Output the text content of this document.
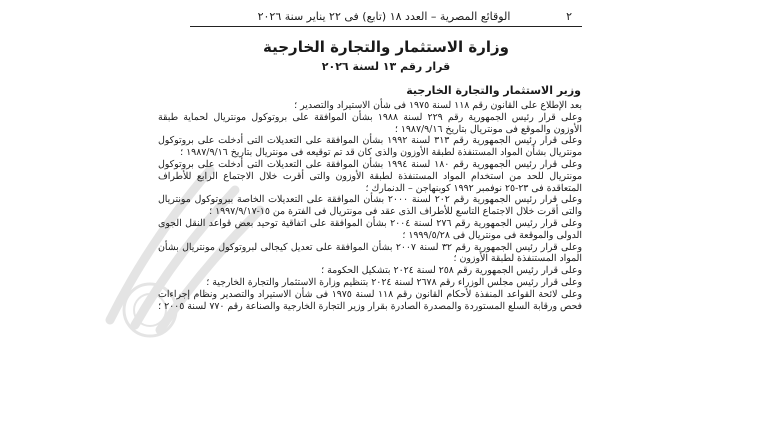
٢
الوقائع المصرية – العدد ١٨ (تابع) فى ٢٢ يناير سنة ٢٠٢٦
وزارة الاستثمار والتجارة الخارجية
قرار رقم ١٣ لسنة ٢٠٢٦
وزير الاستثمار والتجارة الخارجية

بعد الإطلاع على القانون رقم ١١٨ لسنة ١٩٧٥ فى شأن الاستيراد والتصدير ؛

وعلى قرار رئيس الجمهورية رقم ٢٢٩ لسنة ١٩٨٨ بشأن الموافقة على بروتوكول مونتريال لحماية طبقة الأوزون والموقع فى مونتريال بتاريخ ١٩٨٧/٩/١٦ ؛

وعلى قرار رئيس الجمهورية رقم ٣١٣ لسنة ١٩٩٢ بشأن الموافقة على التعديلات التى أدخلت على بروتوكول مونتريال بشأن المواد المستنفذة لطبقة الأوزون والذى كان قد تم توقيعه فى مونتريال بتاريخ ١٩٨٧/٩/١٦ ؛

وعلى قرار رئيس الجمهورية رقم ١٨٠ لسنة ١٩٩٤ بشأن الموافقة على التعديلات التى أدخلت على بروتوكول مونتريال للحد من استخدام المواد المستنفذة لطبقة الأوزون والتى أقرت خلال الاجتماع الرابع للأطراف المتعاقدة فى ٢٣-٢٥ نوفمبر ١٩٩٢ كوبنهاجن – الدنمارك ؛

وعلى قرار رئيس الجمهورية رقم ٢٠٢ لسنة ٢٠٠٠ بشأن الموافقة على التعديلات الخاصة ببروتوكول مونتريال والتى أقرت خلال الاجتماع التاسع للأطراف الذى عقد فى مونتريال فى الفترة من ١٥-١٩٩٧/٩/١٧ ؛

وعلى قرار رئيس الجمهورية رقم ٢٧٦ لسنة ٢٠٠٤ بشأن الموافقة على اتفاقية توحيد بعض قواعد النقل الجوى الدولى والموقعة فى مونتريال فى ١٩٩٩/٥/٢٨ ؛

وعلى قرار رئيس الجمهورية رقم ٣٢ لسنة ٢٠٠٧ بشأن الموافقة على تعديل كيجالى لبروتوكول مونتريال بشأن المواد المستنفذة لطبقة الأوزون ؛

وعلى قرار رئيس الجمهورية رقم ٢٥٨ لسنة ٢٠٢٤ بتشكيل الحكومة ؛

وعلى قرار رئيس مجلس الوزراء رقم ٢٦٧٨ لسنة ٢٠٢٤ بتنظيم وزارة الاستثمار والتجارة الخارجية ؛

وعلى لائحة القواعد المنفذة لأحكام القانون رقم ١١٨ لسنة ١٩٧٥ فى شأن الاستيراد والتصدير ونظام إجراءات فحص ورقابة السلع المستوردة والمصدرة الصادرة بقرار وزير التجارة الخارجية والصناعة رقم ٧٧٠ لسنة ٢٠٠٥ ؛
